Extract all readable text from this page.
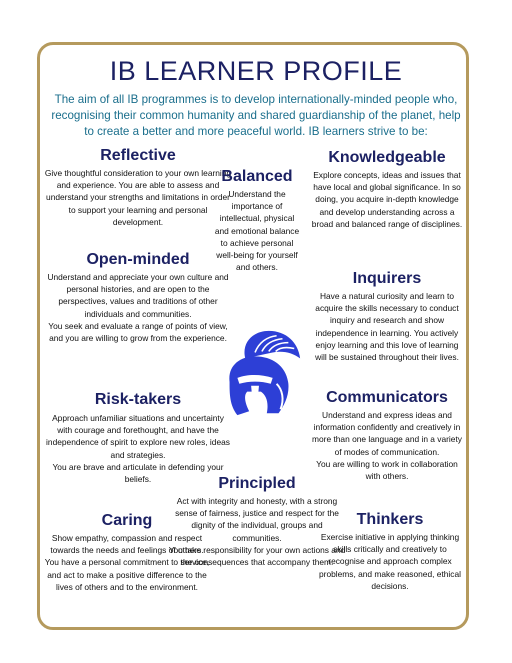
IB LEARNER PROFILE
The aim of all IB programmes is to develop internationally-minded people who, recognising their common humanity and shared guardianship of the planet, help to create a better and more peaceful world. IB learners strive to be:
Reflective

Give thoughtful consideration to your own learning and experience. You are able to assess and understand your strengths and limitations in order to support your learning and personal development.

Balanced

Understand the importance of intellectual, physical and emotional balance to achieve personal well-being for yourself and others.

Knowledgeable

Explore concepts, ideas and issues that have local and global significance. In so doing, you acquire in-depth knowledge and develop understanding across a broad and balanced range of disciplines.

Open-minded

Understand and appreciate your own culture and personal histories, and are open to the perspectives, values and traditions of other individuals and communities.

You seek and evaluate a range of points of view, and you are willing to grow from the experience.

Inquirers

Have a natural curiosity and learn to acquire the skills necessary to conduct inquiry and research and show independence in learning. You actively enjoy learning and this love of learning will be sustained throughout their lives.

Risk-takers

Approach unfamiliar situations and uncertainty with courage and forethought, and have the independence of spirit to explore new roles, ideas and strategies.

You are brave and articulate in defending your beliefs.

Communicators

Understand and express ideas and information confidently and creatively in more than one language and in a variety of modes of communication.

You are willing to work in collaboration with others.

Principled

Act with integrity and honesty, with a strong sense of fairness, justice and respect for the dignity of the individual, groups and communities.

You take responsibility for your own actions and the consequences that accompany them.

Caring

Show empathy, compassion and respect towards the needs and feelings of others.

You have a personal commitment to service, and act to make a positive difference to the lives of others and to the environment.

Thinkers

Exercise initiative in applying thinking skills critically and creatively to recognise and approach complex problems, and make reasoned, ethical decisions.
